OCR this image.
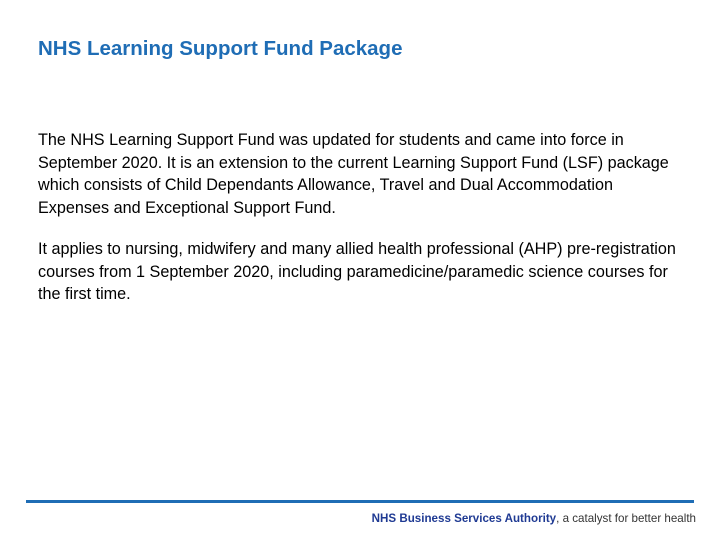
NHS Learning Support Fund Package

The NHS Learning Support Fund was updated for students and came into force in September 2020. It is an extension to the current Learning Support Fund (LSF) package which consists of Child Dependants Allowance, Travel and Dual Accommodation Expenses and Exceptional Support Fund.

It applies to nursing, midwifery and many allied health professional (AHP) pre-registration courses from 1 September 2020, including paramedicine/paramedic science courses for the first time.

NHS Business Services Authority, a catalyst for better health
